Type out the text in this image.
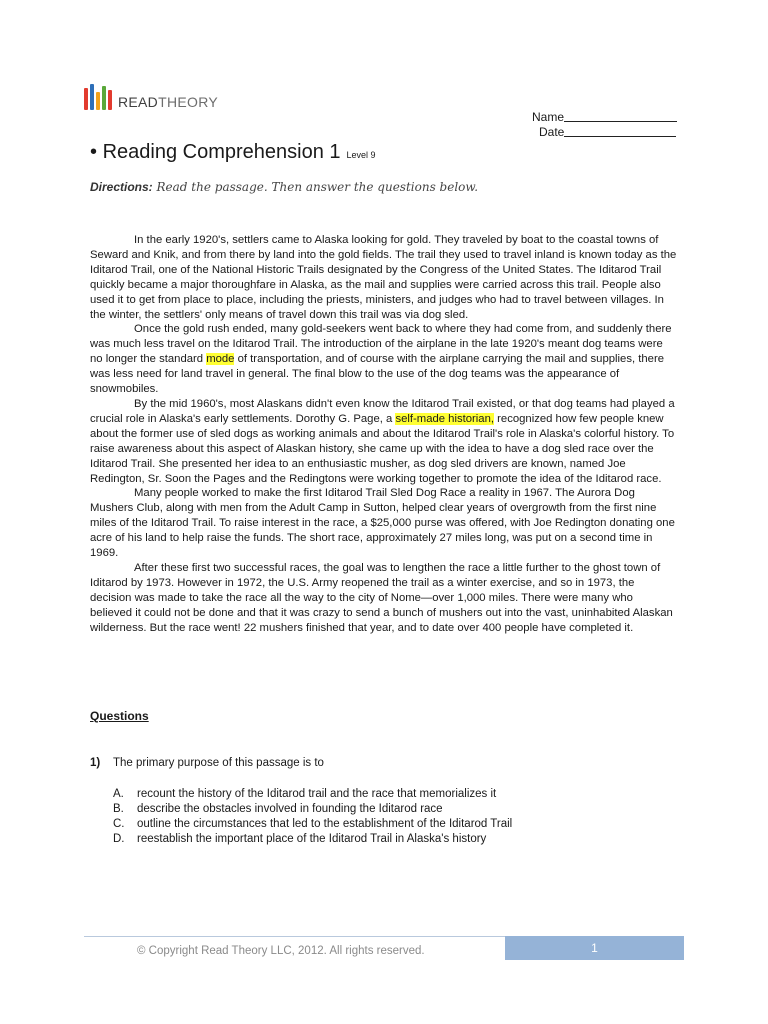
READTHEORY
Name
Date
• Reading Comprehension 1 Level 9
Directions: Read the passage. Then answer the questions below.

In the early 1920's, settlers came to Alaska looking for gold. They traveled by boat to the coastal towns of Seward and Knik, and from there by land into the gold fields. The trail they used to travel inland is known today as the Iditarod Trail, one of the National Historic Trails designated by the Congress of the United States. The Iditarod Trail quickly became a major thoroughfare in Alaska, as the mail and supplies were carried across this trail. People also used it to get from place to place, including the priests, ministers, and judges who had to travel between villages. In the winter, the settlers' only means of travel down this trail was via dog sled.

Once the gold rush ended, many gold-seekers went back to where they had come from, and suddenly there was much less travel on the Iditarod Trail. The introduction of the airplane in the late 1920's meant dog teams were no longer the standard mode of transportation, and of course with the airplane carrying the mail and supplies, there was less need for land travel in general. The final blow to the use of the dog teams was the appearance of snowmobiles.

By the mid 1960's, most Alaskans didn't even know the Iditarod Trail existed, or that dog teams had played a crucial role in Alaska's early settlements. Dorothy G. Page, a self-made historian, recognized how few people knew about the former use of sled dogs as working animals and about the Iditarod Trail's role in Alaska's colorful history. To raise awareness about this aspect of Alaskan history, she came up with the idea to have a dog sled race over the Iditarod Trail. She presented her idea to an enthusiastic musher, as dog sled drivers are known, named Joe Redington, Sr. Soon the Pages and the Redingtons were working together to promote the idea of the Iditarod race.

Many people worked to make the first Iditarod Trail Sled Dog Race a reality in 1967. The Aurora Dog Mushers Club, along with men from the Adult Camp in Sutton, helped clear years of overgrowth from the first nine miles of the Iditarod Trail. To raise interest in the race, a $25,000 purse was offered, with Joe Redington donating one acre of his land to help raise the funds. The short race, approximately 27 miles long, was put on a second time in 1969.

After these first two successful races, the goal was to lengthen the race a little further to the ghost town of Iditarod by 1973. However in 1972, the U.S. Army reopened the trail as a winter exercise, and so in 1973, the decision was made to take the race all the way to the city of Nome—over 1,000 miles. There were many who believed it could not be done and that it was crazy to send a bunch of mushers out into the vast, uninhabited Alaskan wilderness. But the race went! 22 mushers finished that year, and to date over 400 people have completed it.

Questions
1)	The primary purpose of this passage is to
A.	recount the history of the Iditarod trail and the race that memorializes it
B.	describe the obstacles involved in founding the Iditarod race
C.	outline the circumstances that led to the establishment of the Iditarod Trail
D.	reestablish the important place of the Iditarod Trail in Alaska's history
© Copyright Read Theory LLC, 2012. All rights reserved.	1
